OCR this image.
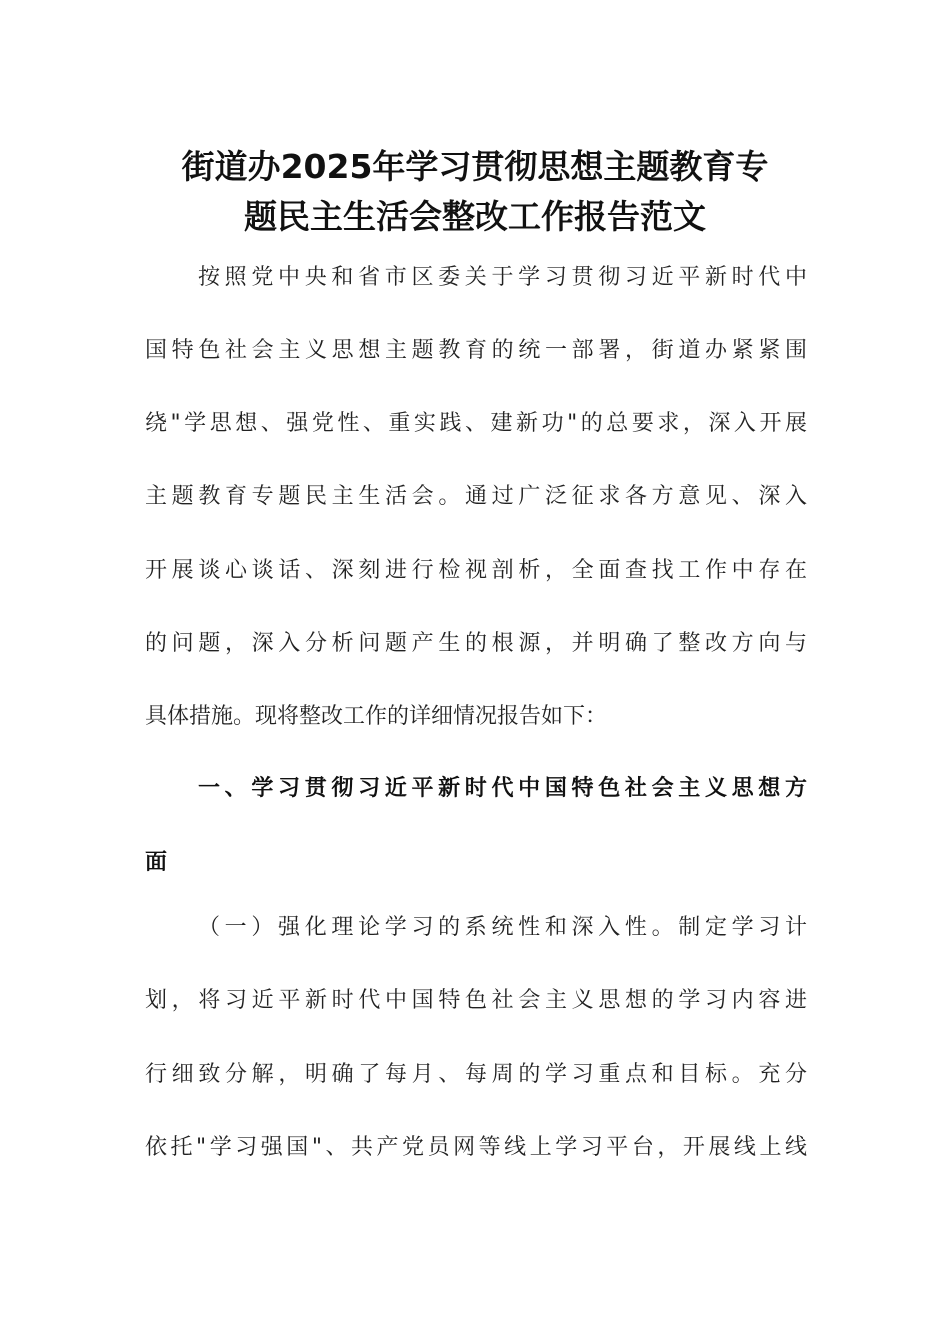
街道办2025年学习贯彻思想主题教育专
题民主生活会整改工作报告范文
按照党中央和省市区委关于学习贯彻习近平新时代中
国特色社会主义思想主题教育的统一部署，街道办紧紧围
绕"学思想、强党性、重实践、建新功"的总要求，深入开展
主题教育专题民主生活会。通过广泛征求各方意见、深入
开展谈心谈话、深刻进行检视剖析，全面查找工作中存在
的问题，深入分析问题产生的根源，并明确了整改方向与
具体措施。现将整改工作的详细情况报告如下：
一、学习贯彻习近平新时代中国特色社会主义思想方
面
（一）强化理论学习的系统性和深入性。制定学习计
划，将习近平新时代中国特色社会主义思想的学习内容进
行细致分解，明确了每月、每周的学习重点和目标。充分
依托"学习强国"、共产党员网等线上学习平台，开展线上线
